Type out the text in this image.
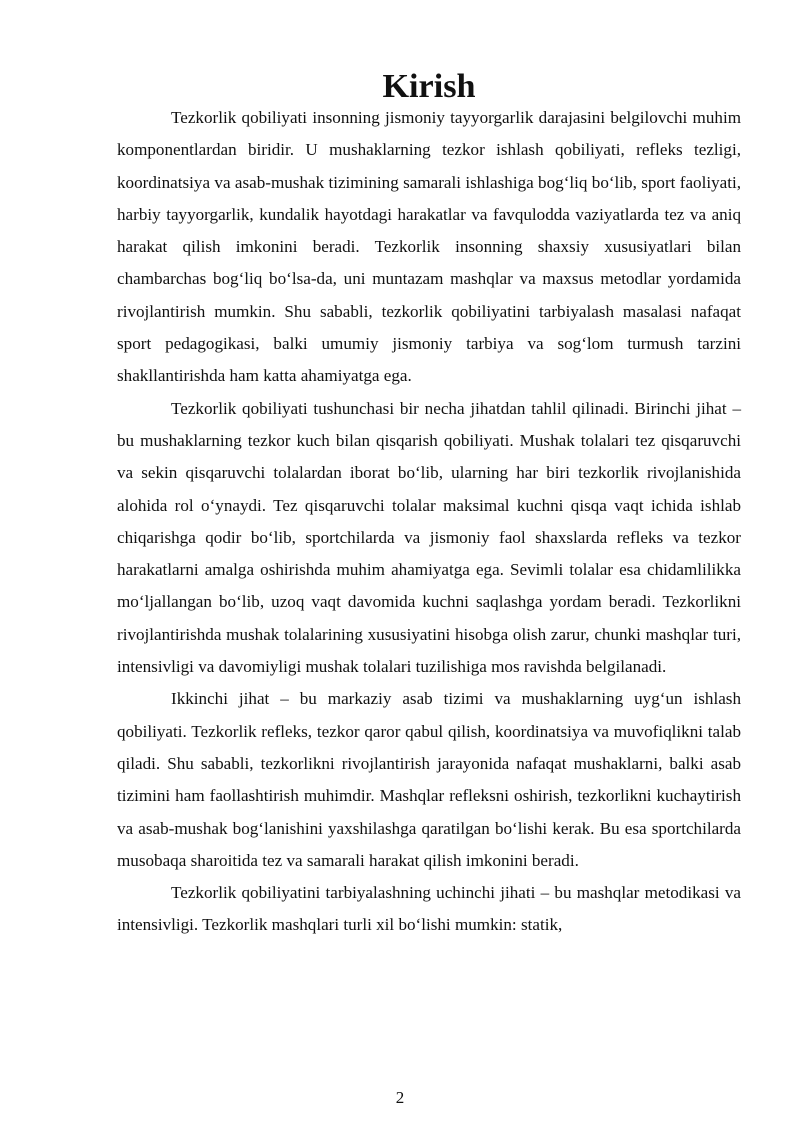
Kirish

Tezkorlik qobiliyati insonning jismoniy tayyorgarlik darajasini belgilovchi muhim komponentlardan biridir. U mushaklarning tezkor ishlash qobiliyati, refleks tezligi, koordinatsiya va asab-mushak tizimining samarali ishlashiga bog‘liq bo‘lib, sport faoliyati, harbiy tayyorgarlik, kundalik hayotdagi harakatlar va favqulodda vaziyatlarda tez va aniq harakat qilish imkonini beradi. Tezkorlik insonning shaxsiy xususiyatlari bilan chambarchas bog‘liq bo‘lsa-da, uni muntazam mashqlar va maxsus metodlar yordamida rivojlantirish mumkin. Shu sababli, tezkorlik qobiliyatini tarbiyalash masalasi nafaqat sport pedagogikasi, balki umumiy jismoniy tarbiya va sog‘lom turmush tarzini shakllantirishda ham katta ahamiyatga ega.

Tezkorlik qobiliyati tushunchasi bir necha jihatdan tahlil qilinadi. Birinchi jihat – bu mushaklarning tezkor kuch bilan qisqarish qobiliyati. Mushak tolalari tez qisqaruvchi va sekin qisqaruvchi tolalardan iborat bo‘lib, ularning har biri tezkorlik rivojlanishida alohida rol o‘ynaydi. Tez qisqaruvchi tolalar maksimal kuchni qisqa vaqt ichida ishlab chiqarishga qodir bo‘lib, sportchilarda va jismoniy faol shaxslarda refleks va tezkor harakatlarni amalga oshirishda muhim ahamiyatga ega. Sevimli tolalar esa chidamlilikka mo‘ljallangan bo‘lib, uzoq vaqt davomida kuchni saqlashga yordam beradi. Tezkorlikni rivojlantirishda mushak tolalarining xususiyatini hisobga olish zarur, chunki mashqlar turi, intensivligi va davomiyligi mushak tolalari tuzilishiga mos ravishda belgilanadi.

Ikkinchi jihat – bu markaziy asab tizimi va mushaklarning uyg‘un ishlash qobiliyati. Tezkorlik refleks, tezkor qaror qabul qilish, koordinatsiya va muvofiqlikni talab qiladi. Shu sababli, tezkorlikni rivojlantirish jarayonida nafaqat mushaklarni, balki asab tizimini ham faollashtirish muhimdir. Mashqlar refleksni oshirish, tezkorlikni kuchaytirish va asab-mushak bog‘lanishini yaxshilashga qaratilgan bo‘lishi kerak. Bu esa sportchilarda musobaqa sharoitida tez va samarali harakat qilish imkonini beradi.

Tezkorlik qobiliyatini tarbiyalashning uchinchi jihati – bu mashqlar metodikasi va intensivligi. Tezkorlik mashqlari turli xil bo‘lishi mumkin: statik,

2
